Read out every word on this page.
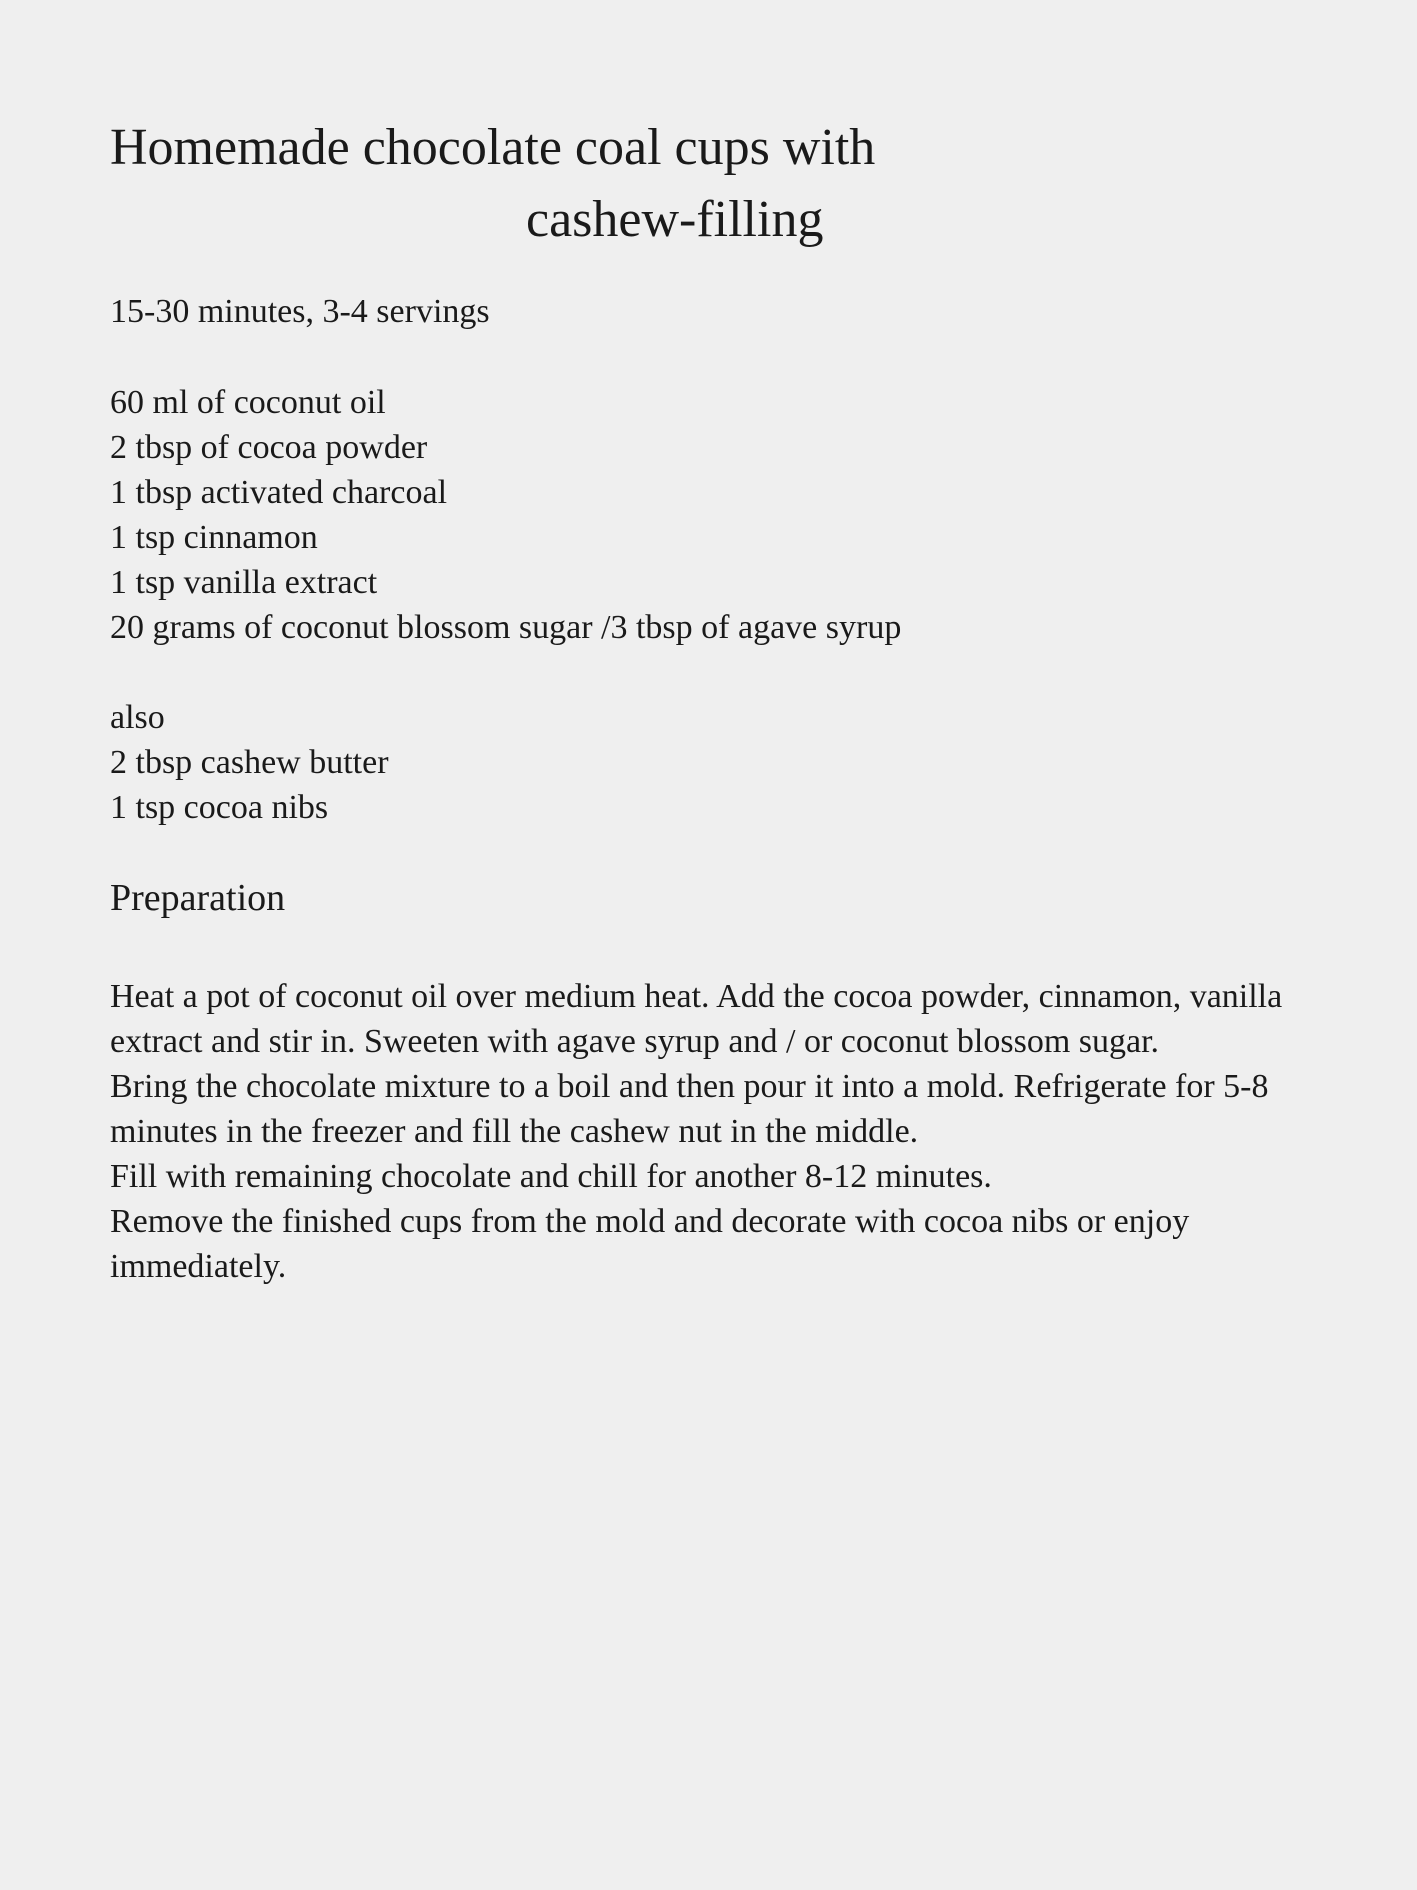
Homemade chocolate coal cups with
cashew-filling

15-30 minutes, 3-4 servings

60 ml of coconut oil
2 tbsp of cocoa powder
1 tbsp activated charcoal
1 tsp cinnamon
1 tsp vanilla extract
20 grams of coconut blossom sugar /3 tbsp of agave syrup
also
2 tbsp cashew butter
1 tsp cocoa nibs
Preparation

Heat a pot of coconut oil over medium heat. Add the cocoa powder, cinnamon, vanilla extract and stir in. Sweeten with agave syrup and / or coconut blossom sugar.

Bring the chocolate mixture to a boil and then pour it into a mold. Refrigerate for 5-8 minutes in the freezer and fill the cashew nut in the middle.

Fill with remaining chocolate and chill for another 8-12 minutes.

Remove the finished cups from the mold and decorate with cocoa nibs or enjoy immediately.
